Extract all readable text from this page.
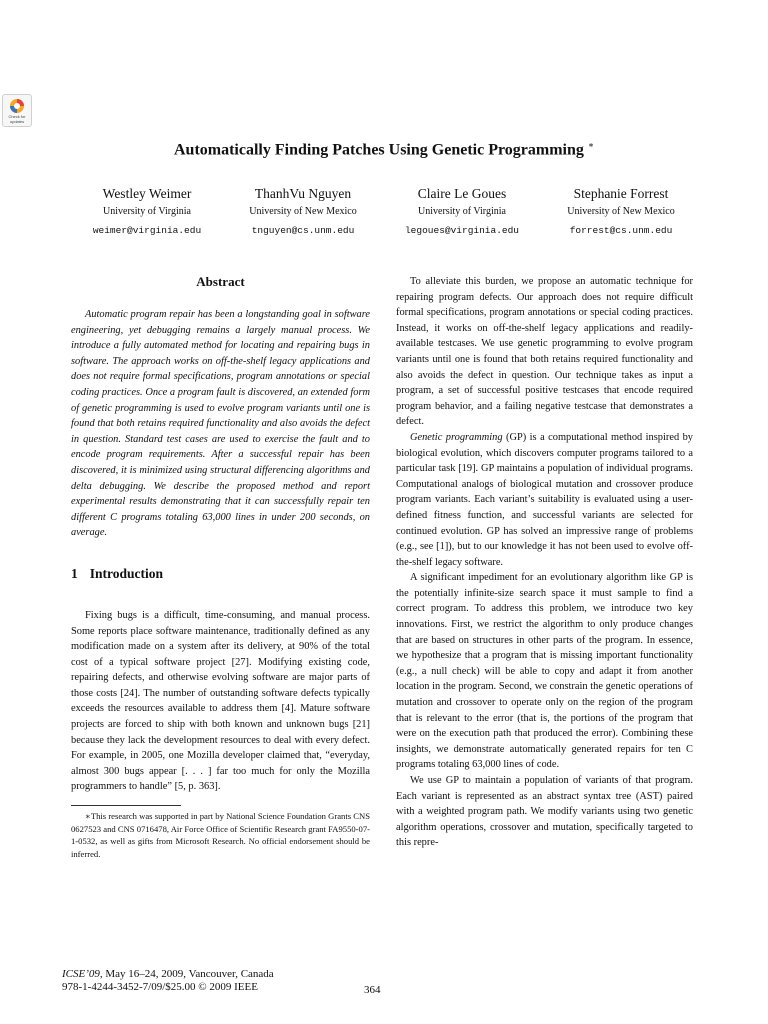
Check for updates
Automatically Finding Patches Using Genetic Programming ∗
Westley Weimer
University of Virginia
weimer@virginia.edu
ThanhVu Nguyen
University of New Mexico
tnguyen@cs.unm.edu
Claire Le Goues
University of Virginia
legoues@virginia.edu
Stephanie Forrest
University of New Mexico
forrest@cs.unm.edu
Abstract

Automatic program repair has been a longstanding goal in software engineering, yet debugging remains a largely manual process. We introduce a fully automated method for locating and repairing bugs in software. The approach works on off-the-shelf legacy applications and does not require formal specifications, program annotations or special coding practices. Once a program fault is discovered, an extended form of genetic programming is used to evolve program variants until one is found that both retains required functionality and also avoids the defect in question. Standard test cases are used to exercise the fault and to encode program requirements. After a successful repair has been discovered, it is minimized using structural differencing algorithms and delta debugging. We describe the proposed method and report experimental results demonstrating that it can successfully repair ten different C programs totaling 63,000 lines in under 200 seconds, on average.

1 Introduction

Fixing bugs is a difficult, time-consuming, and manual process. Some reports place software maintenance, traditionally defined as any modification made on a system after its delivery, at 90% of the total cost of a typical software project [27]. Modifying existing code, repairing defects, and otherwise evolving software are major parts of those costs [24]. The number of outstanding software defects typically exceeds the resources available to address them [4]. Mature software projects are forced to ship with both known and unknown bugs [21] because they lack the development resources to deal with every defect. For example, in 2005, one Mozilla developer claimed that, “everyday, almost 300 bugs appear [. . . ] far too much for only the Mozilla programmers to handle” [5, p. 363].

∗This research was supported in part by National Science Foundation Grants CNS 0627523 and CNS 0716478, Air Force Office of Scientific Research grant FA9550-07-1-0532, as well as gifts from Microsoft Research. No official endorsement should be inferred.

To alleviate this burden, we propose an automatic technique for repairing program defects. Our approach does not require difficult formal specifications, program annotations or special coding practices. Instead, it works on off-the-shelf legacy applications and readily-available testcases. We use genetic programming to evolve program variants until one is found that both retains required functionality and also avoids the defect in question. Our technique takes as input a program, a set of successful positive testcases that encode required program behavior, and a failing negative testcase that demonstrates a defect.

Genetic programming (GP) is a computational method inspired by biological evolution, which discovers computer programs tailored to a particular task [19]. GP maintains a population of individual programs. Computational analogs of biological mutation and crossover produce program variants. Each variant’s suitability is evaluated using a user-defined fitness function, and successful variants are selected for continued evolution. GP has solved an impressive range of problems (e.g., see [1]), but to our knowledge it has not been used to evolve off-the-shelf legacy software.

A significant impediment for an evolutionary algorithm like GP is the potentially infinite-size search space it must sample to find a correct program. To address this problem, we introduce two key innovations. First, we restrict the algorithm to only produce changes that are based on structures in other parts of the program. In essence, we hypothesize that a program that is missing important functionality (e.g., a null check) will be able to copy and adapt it from another location in the program. Second, we constrain the genetic operations of mutation and crossover to operate only on the region of the program that is relevant to the error (that is, the portions of the program that were on the execution path that produced the error). Combining these insights, we demonstrate automatically generated repairs for ten C programs totaling 63,000 lines of code.

We use GP to maintain a population of variants of that program. Each variant is represented as an abstract syntax tree (AST) paired with a weighted program path. We modify variants using two genetic algorithm operations, crossover and mutation, specifically targeted to this repre-

ICSE’09, May 16–24, 2009, Vancouver, Canada
978-1-4244-3452-7/09/$25.00 © 2009 IEEE	364
